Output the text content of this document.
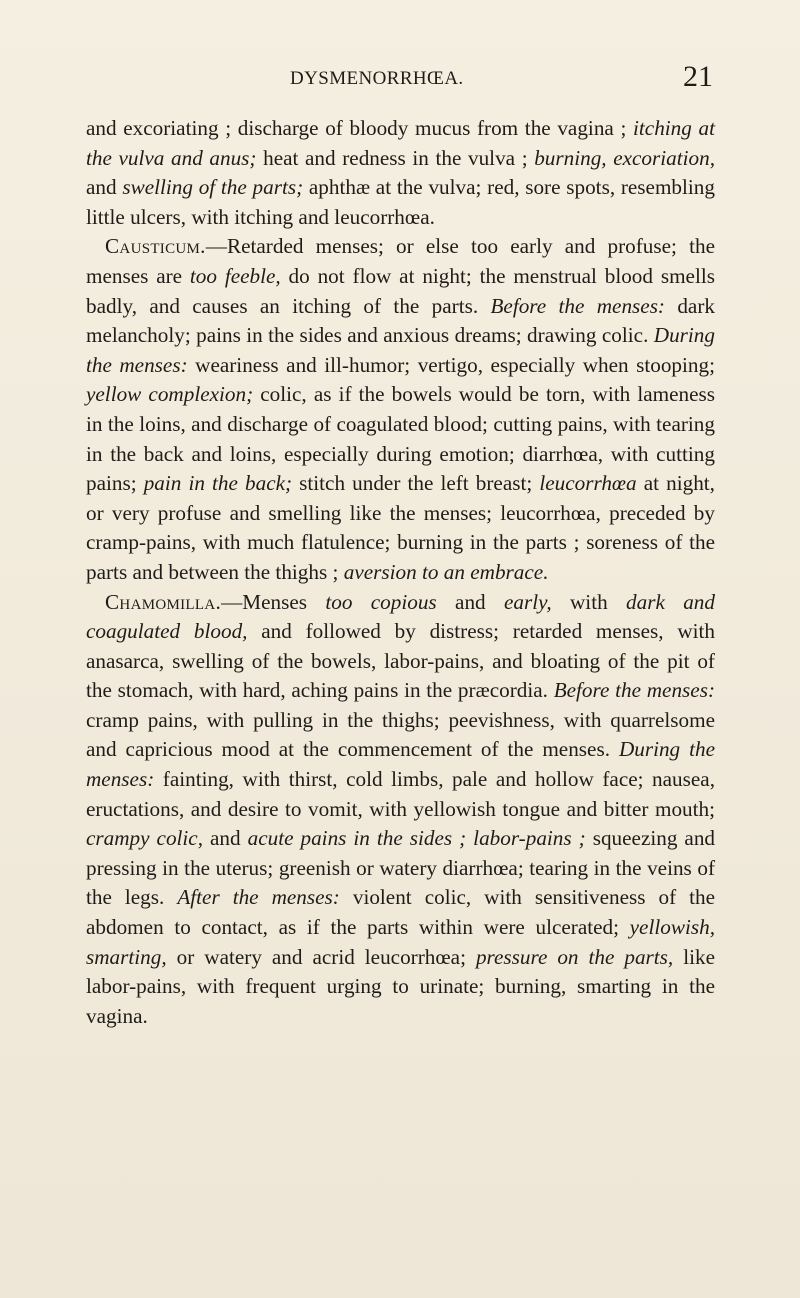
DYSMENORRHŒA.	21

and excoriating ; discharge of bloody mucus from the vagina ; itching at the vulva and anus; heat and redness in the vulva ; burning, excoriation, and swelling of the parts; aphthæ at the vulva; red, sore spots, resembling little ulcers, with itching and leucorrhœa.

Causticum.—Retarded menses; or else too early and profuse; the menses are too feeble, do not flow at night; the menstrual blood smells badly, and causes an itching of the parts. Before the menses: dark melancholy; pains in the sides and anxious dreams; drawing colic. During the menses: weariness and ill-humor; vertigo, especially when stooping; yellow complexion; colic, as if the bowels would be torn, with lameness in the loins, and discharge of coagulated blood; cutting pains, with tearing in the back and loins, especially during emotion; diarrhœa, with cutting pains; pain in the back; stitch under the left breast; leucorrhœa at night, or very profuse and smelling like the menses; leucorrhœa, preceded by cramp-pains, with much flatulence; burning in the parts ; soreness of the parts and between the thighs ; aversion to an embrace.

Chamomilla.—Menses too copious and early, with dark and coagulated blood, and followed by distress; retarded menses, with anasarca, swelling of the bowels, labor-pains, and bloating of the pit of the stomach, with hard, aching pains in the præcordia. Before the menses: cramp pains, with pulling in the thighs; peevishness, with quarrelsome and capricious mood at the commencement of the menses. During the menses: fainting, with thirst, cold limbs, pale and hollow face; nausea, eructations, and desire to vomit, with yellowish tongue and bitter mouth; crampy colic, and acute pains in the sides ; labor-pains ; squeezing and pressing in the uterus; greenish or watery diarrhœa; tearing in the veins of the legs. After the menses: violent colic, with sensitiveness of the abdomen to contact, as if the parts within were ulcerated; yellowish, smarting, or watery and acrid leucorrhœa; pressure on the parts, like labor-pains, with frequent urging to urinate; burning, smarting in the vagina.
